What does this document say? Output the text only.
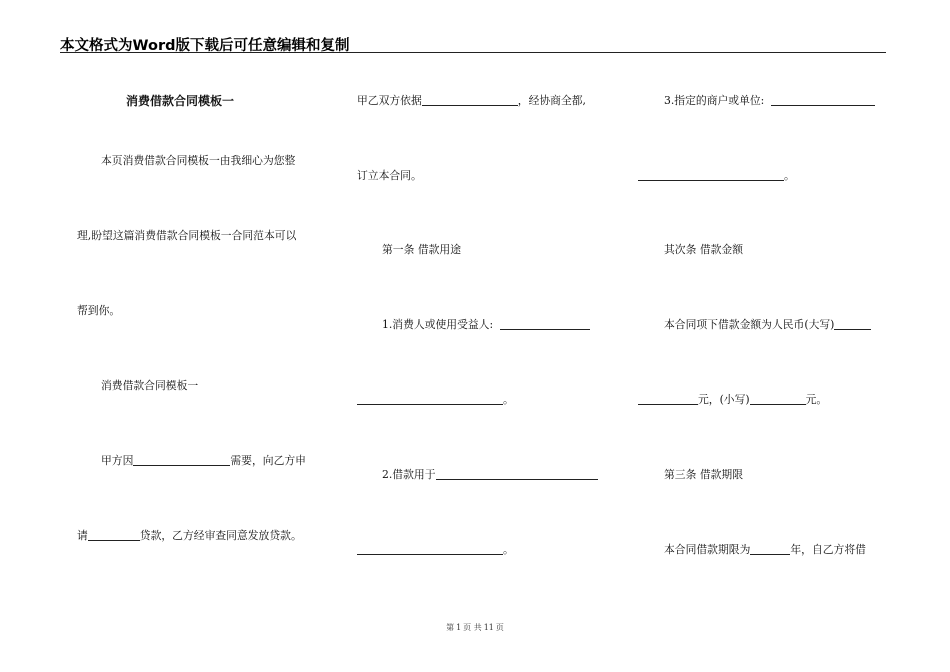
本文格式为Word版下载后可任意编辑和复制
消费借款合同模板一
本页消费借款合同模板一由我细心为您整
理,盼望这篇消费借款合同模板一合同范本可以
帮到你。
消费借款合同模板一
甲方因	需要，向乙方申
请	贷款，乙方经审查同意发放贷款。
甲乙双方依据	，经协商全都,
订立本合同。
第一条 借款用途
1.消费人或使用受益人:
。
2.借款用于
。
3.指定的商户或单位:
。
其次条 借款金额
本合同项下借款金额为人民币(大写)
元，(小写)	元。
第三条 借款期限
本合同借款期限为	年，自乙方将借
第 1 页 共 11 页
